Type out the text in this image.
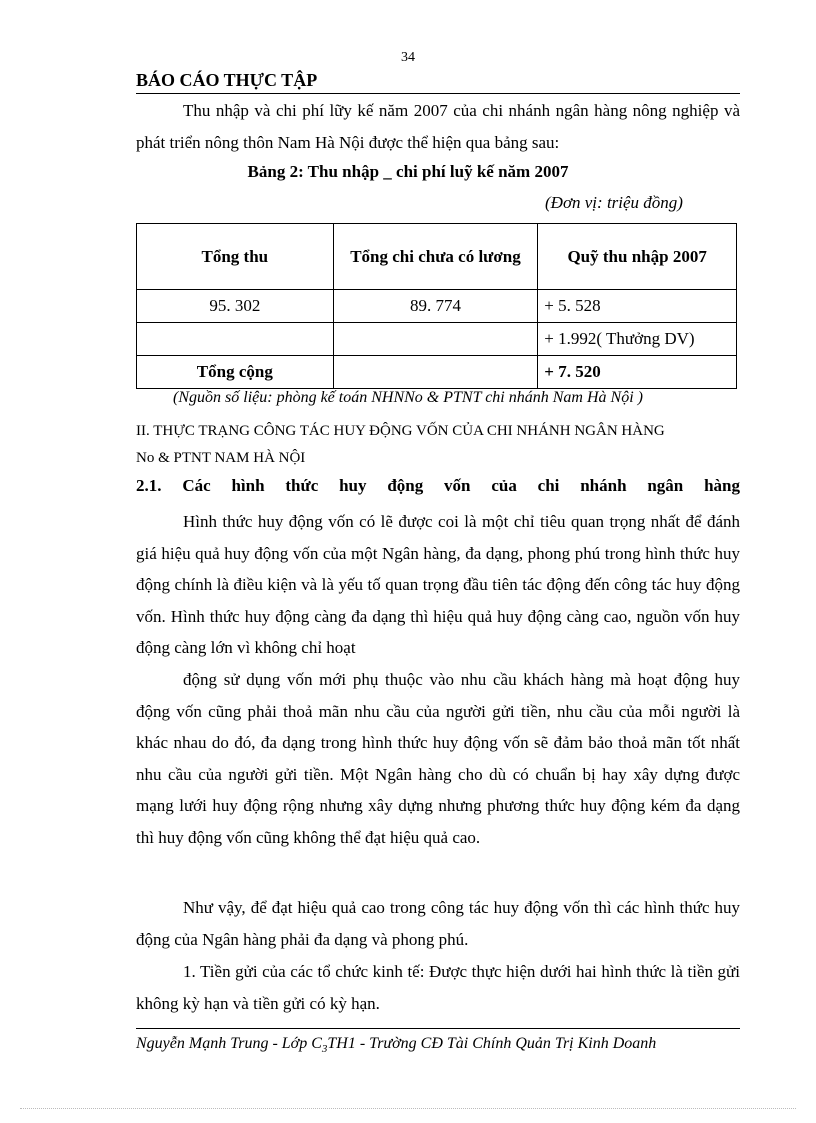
34
BÁO CÁO THỰC TẬP
Thu nhập và chi phí lữy kế năm 2007 của chi nhánh ngân hàng nông nghiệp và phát triển nông thôn Nam Hà Nội được thể hiện qua bảng sau:
Bảng 2: Thu nhập _ chi phí luỹ kế năm 2007
(Đơn vị: triệu đồng)
Tổng thu	Tổng chi chưa có lương	Quỹ thu nhập 2007
95. 302	89. 774	+ 5. 528
		+ 1.992( Thưởng DV)
Tổng cộng		+ 7. 520
(Nguồn số liệu: phòng kế toán NHNNo & PTNT chi nhánh Nam Hà Nội )
II. THỰC TRẠNG CÔNG TÁC HUY ĐỘNG VỐN CỦA CHI NHÁNH NGÂN HÀNG
No & PTNT NAM HÀ NỘI
2.1. Các hình thức huy động vốn của chi nhánh ngân hàng
Hình thức huy động vốn có lẽ được coi là một chỉ tiêu quan trọng nhất để đánh giá hiệu quả huy động vốn của một Ngân hàng, đa dạng, phong phú trong hình thức huy động chính là điều kiện và là yếu tố quan trọng đầu tiên tác động đến công tác huy động vốn. Hình thức huy động càng đa dạng thì hiệu quả huy động càng cao, nguồn vốn huy động càng lớn vì không chỉ hoạt
động sử dụng vốn mới phụ thuộc vào nhu cầu khách hàng mà hoạt động huy động vốn cũng phải thoả mãn nhu cầu của người gửi tiền, nhu cầu của mỗi người là khác nhau do đó, đa dạng trong hình thức huy động vốn sẽ đảm bảo thoả mãn tốt nhất nhu cầu của người gửi tiền. Một Ngân hàng cho dù có chuẩn bị hay xây dựng được mạng lưới huy động rộng nhưng xây dựng nhưng phương thức huy động kém đa dạng thì huy động vốn cũng không thể đạt hiệu quả cao.
Như vậy, để đạt hiệu quả cao trong công tác huy động vốn thì các hình thức huy động của Ngân hàng phải đa dạng và phong phú.
1. Tiền gửi của các tổ chức kinh tế: Được thực hiện dưới hai hình thức là tiền gửi không kỳ hạn và tiền gửi có kỳ hạn.
Nguyễn Mạnh Trung - Lớp $C_3TH1$ - Trường CĐ Tài Chính Quản Trị Kinh Doanh
